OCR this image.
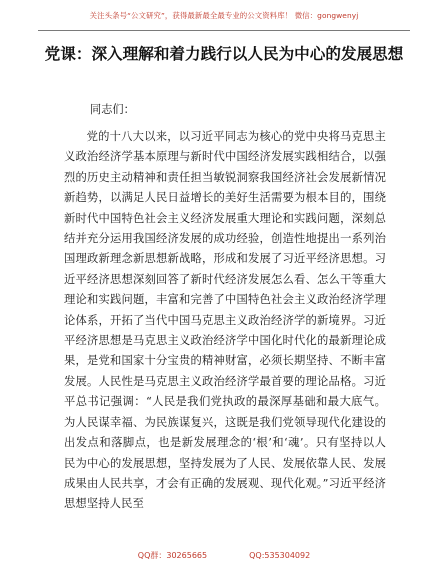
关注头条号“公文研究”，获得最新最全最专业的公文资料库！ 微信：gongwenyj
党课：深入理解和着力践行以人民为中心的发展思想
同志们：

党的十八大以来，以习近平同志为核心的党中央将马克思主义政治经济学基本原理与新时代中国经济发展实践相结合，以强烈的历史主动精神和责任担当敏锐洞察我国经济社会发展新情况新趋势，以满足人民日益增长的美好生活需要为根本目的，围绕新时代中国特色社会主义经济发展重大理论和实践问题，深刻总结并充分运用我国经济发展的成功经验，创造性地提出一系列治国理政新理念新思想新战略，形成和发展了习近平经济思想。习近平经济思想深刻回答了新时代经济发展怎么看、怎么干等重大理论和实践问题，丰富和完善了中国特色社会主义政治经济学理论体系，开拓了当代中国马克思主义政治经济学的新境界。习近平经济思想是马克思主义政治经济学中国化时代化的最新理论成果，是党和国家十分宝贵的精神财富，必须长期坚持、不断丰富发展。人民性是马克思主义政治经济学最首要的理论品格。习近平总书记强调：“人民是我们党执政的最深厚基础和最大底气。为人民谋幸福、为民族谋复兴，这既是我们党领导现代化建设的出发点和落脚点，也是新发展理念的‘根’和‘魂’。只有坚持以人民为中心的发展思想，坚持发展为了人民、发展依靠人民、发展成果由人民共享，才会有正确的发展观、现代化观。”习近平经济思想坚持人民至

QQ群：30265665	QQ:535304092
